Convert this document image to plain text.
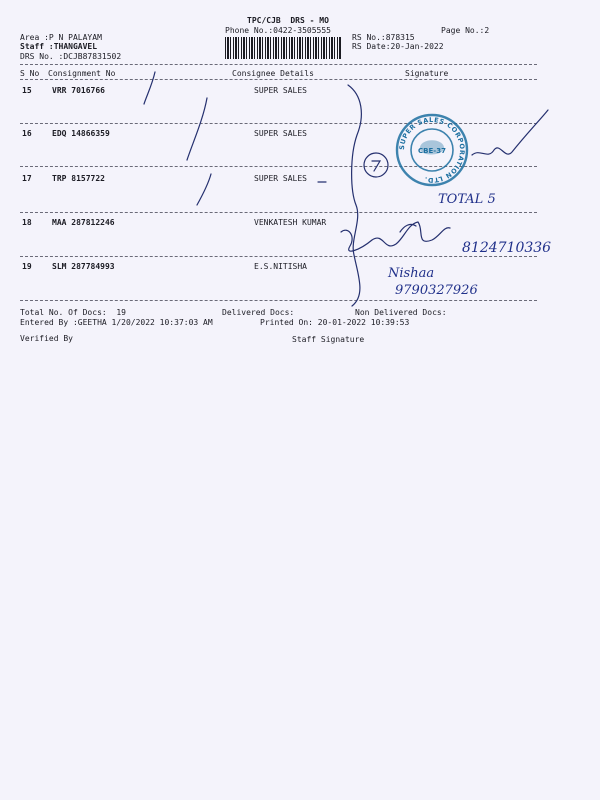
TPC/CJB  DRS - MO
Phone No.:0422-3505555	Page No.:2
Area :P N PALAYAM
Staff :THANGAVEL
DRS No. :DCJB87831502
RS No.:878315
RS Date:20-Jan-2022
S No Consignment No	Consignee Details	Signature
15	VRR 7016766	SUPER SALES
16	EDQ 14866359	SUPER SALES
17	TRP 8157722	SUPER SALES
18	MAA 287812246	VENKATESH KUMAR
19	SLM 287784993	E.S.NITISHA
Total No. Of Docs:  19	Delivered Docs:	Non Delivered Docs:
Entered By :GEETHA 1/20/2022 10:37:03 AM	Printed On: 20-01-2022 10:39:53
Verified By	Staff Signature
CBE-37
SUPER SALES CORPORATION LTD.
TOTAL 5
8124710336
Nishaa
9790327926
